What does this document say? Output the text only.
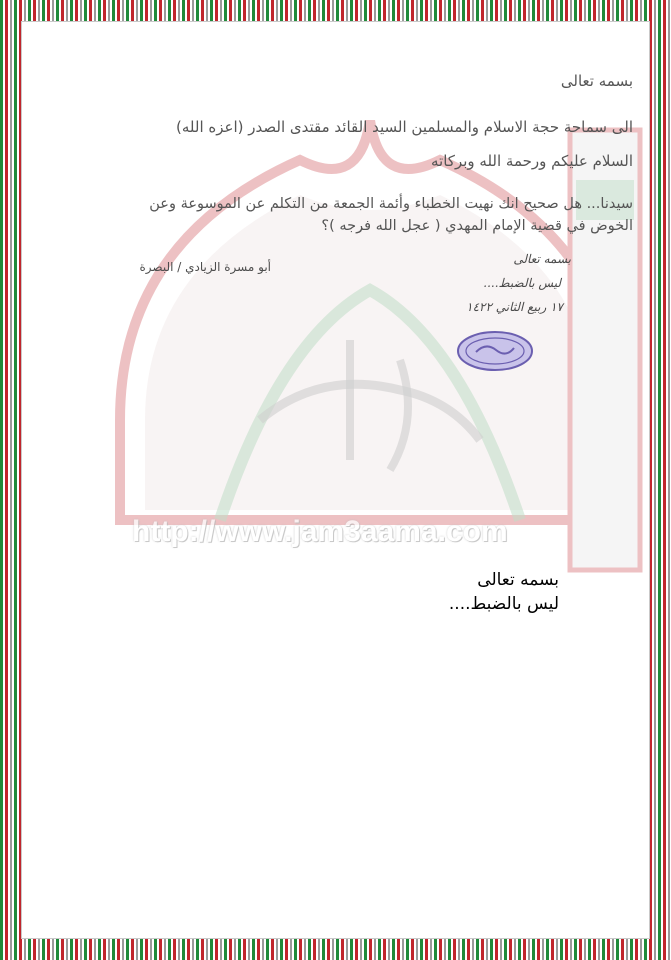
http://www.jam3aama.com
بسمه تعالى
الى سماحة حجة الاسلام والمسلمين السيد القائد مقتدى الصدر (اعزه الله)
السلام عليكم ورحمة الله وبركاته
سيدنا... هل صحيح انك نهيت الخطباء وأئمة الجمعة من التكلم عن الموسوعة وعن
الخوض في قضية الإمام المهدي ( عجل الله فرجه )؟
أبو مسرة الزيادي / البصرة
بسمه تعالى
ليس بالضبط....
١٧ ربيع الثاني ١٤٢٢
بسمه تعالى
ليس بالضبط....
